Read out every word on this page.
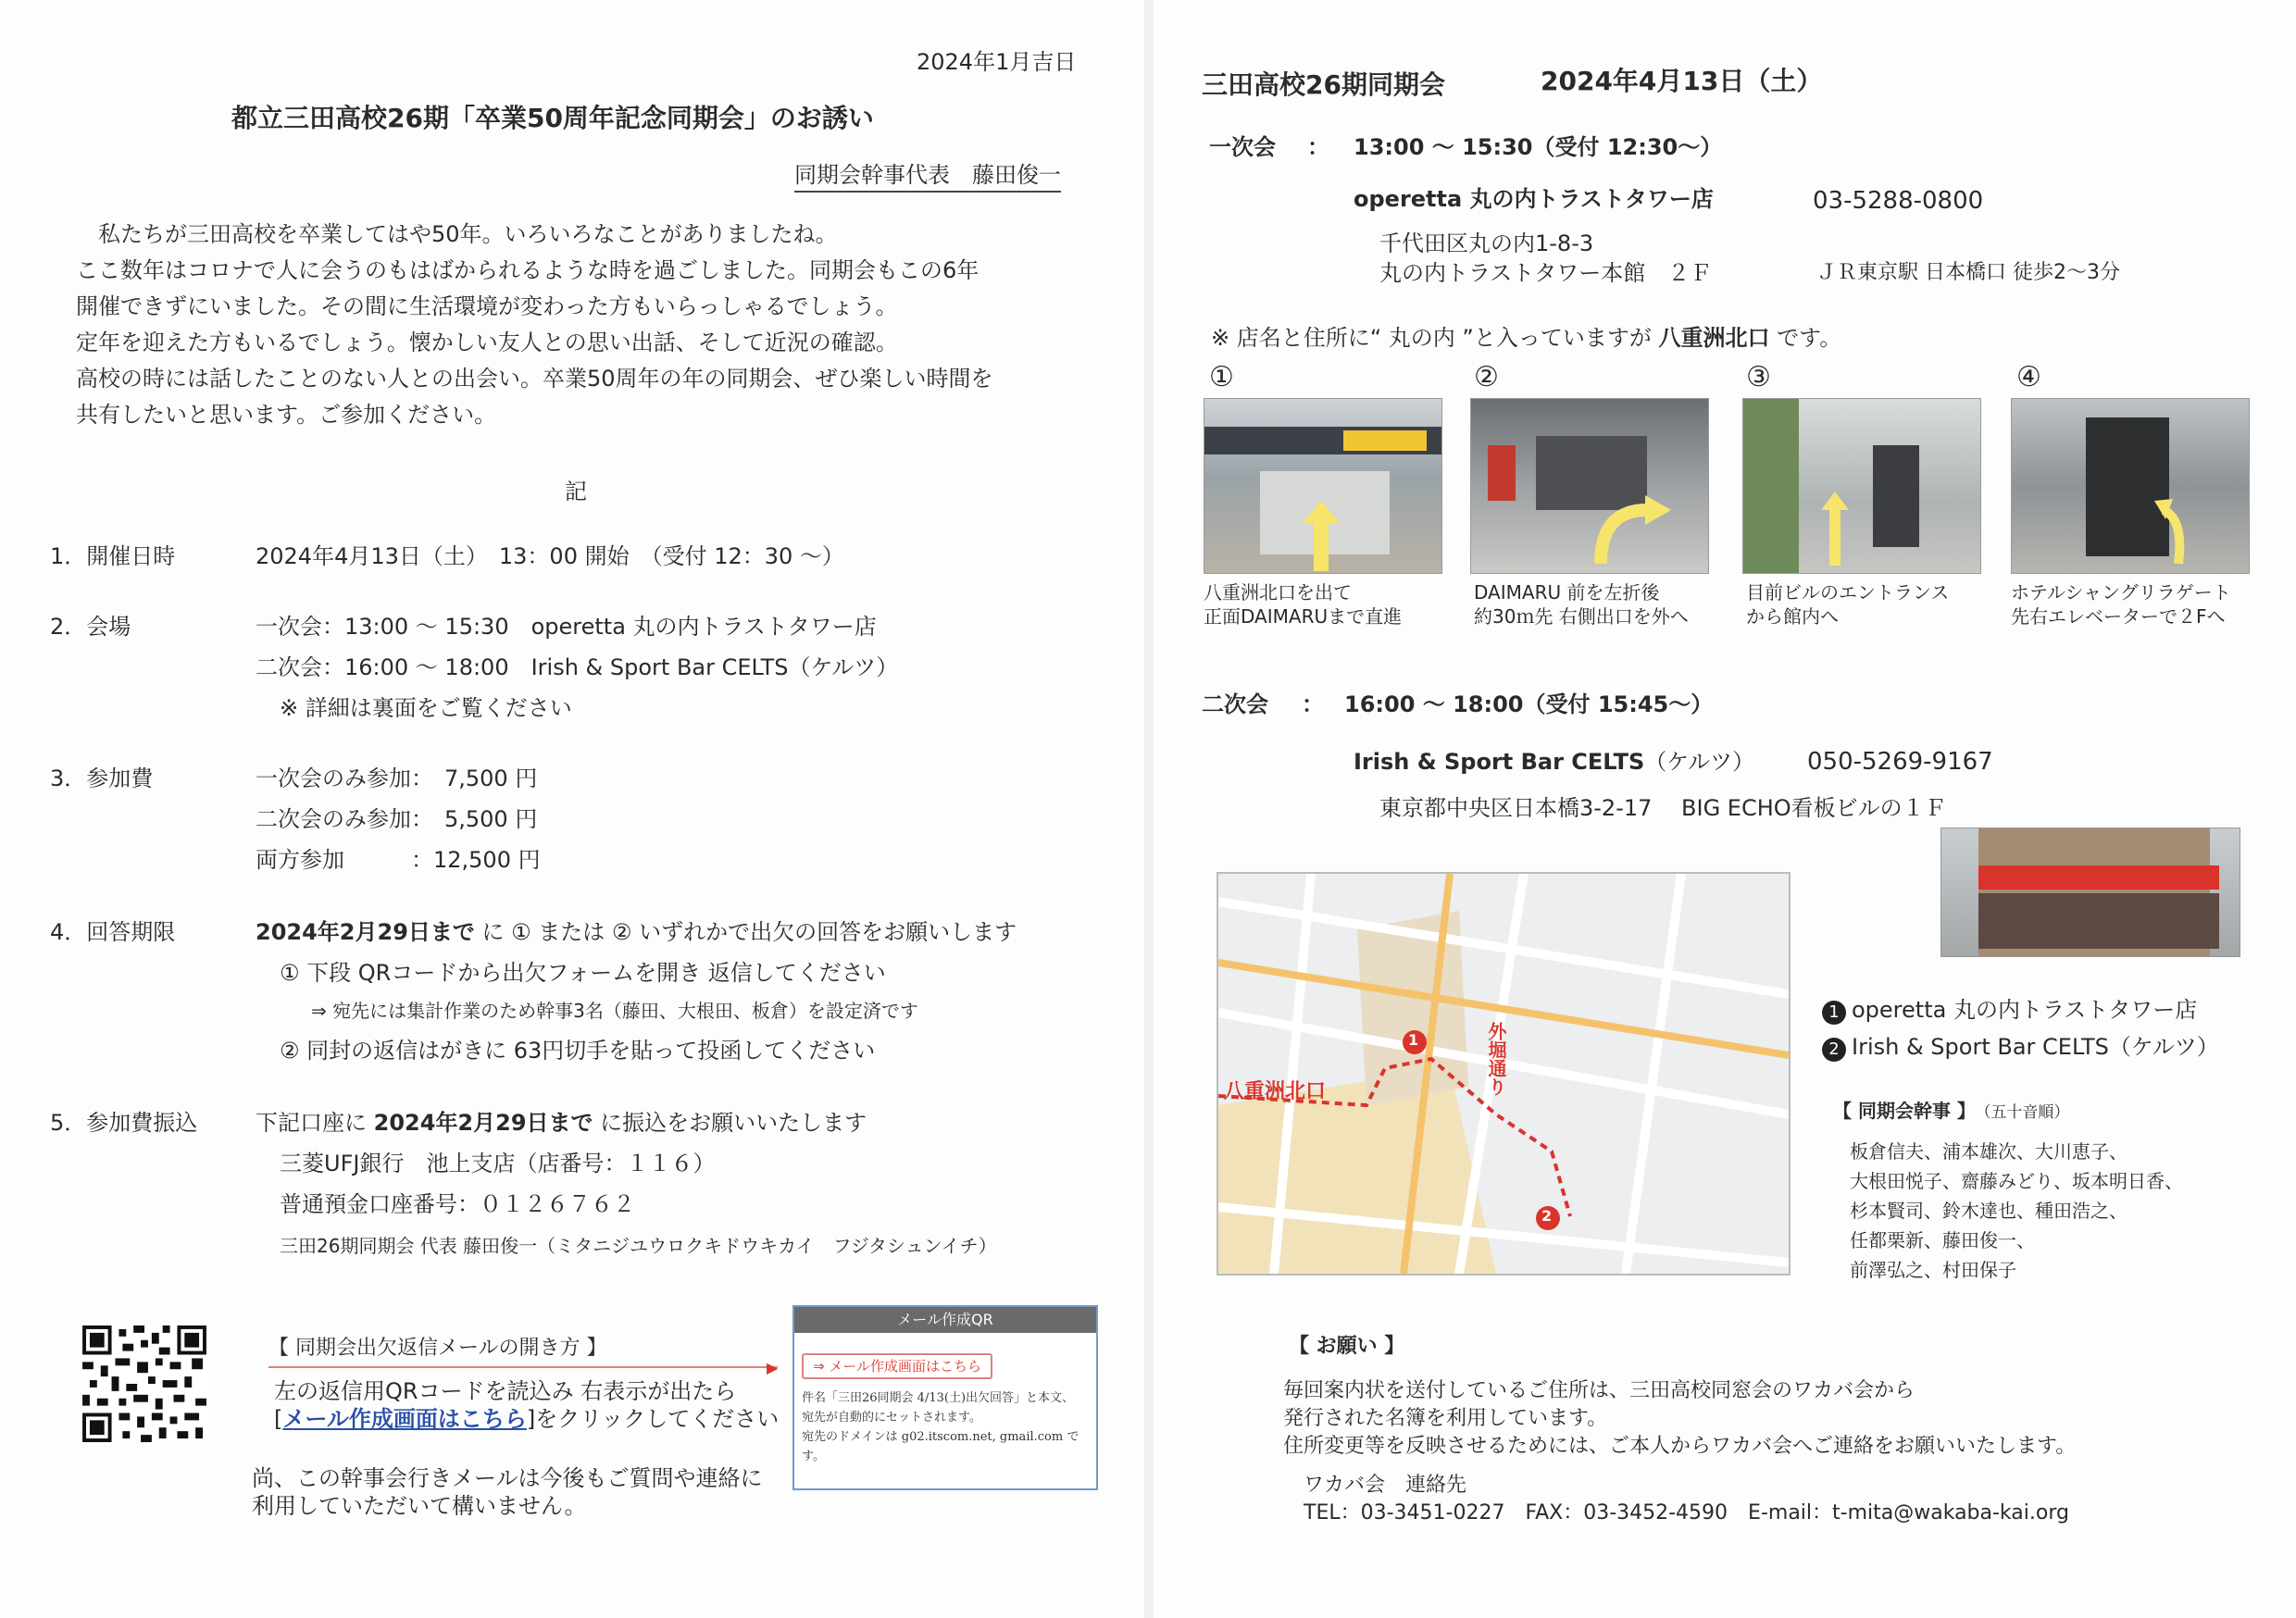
2024年1月吉日
都立三田高校26期「卒業50周年記念同期会」のお誘い
同期会幹事代表　藤田俊一
私たちが三田高校を卒業してはや50年。いろいろなことがありましたね。
ここ数年はコロナで人に会うのもはばかられるような時を過ごしました。同期会もこの6年
開催できずにいました。その間に生活環境が変わった方もいらっしゃるでしょう。
定年を迎えた方もいるでしょう。懐かしい友人との思い出話、そして近況の確認。
高校の時には話したことのない人との出会い。卒業50周年の年の同期会、ぜひ楽しい時間を
共有したいと思います。ご参加ください。
記
1．開催日時	2024年4月13日（土）　13：00 開始　（受付 12：30 ～）
2．会場	一次会：13:00 ～ 15:30　operetta 丸の内トラストタワー店
二次会：16:00 ～ 18:00　Irish & Sport Bar CELTS（ケルツ）
※ 詳細は裏面をご覧ください
3．参加費	一次会のみ参加：　7,500 円
二次会のみ参加：　5,500 円
両方参加　　　：12,500 円
4．回答期限	2024年2月29日まで に ① または ② いずれかで出欠の回答をお願いします
① 下段 QRコードから出欠フォームを開き 返信してください
⇒ 宛先には集計作業のため幹事3名（藤田、大根田、板倉）を設定済です
② 同封の返信はがきに 63円切手を貼って投函してください
5．参加費振込	下記口座に 2024年2月29日まで に振込をお願いいたします
三菱UFJ銀行　池上支店（店番号：１１６）
普通預金口座番号：０１２６７６２
三田26期同期会 代表 藤田俊一（ミタニジユウロクキドウキカイ　フジタシュンイチ）
【 同期会出欠返信メールの開き方 】
▶
左の返信用QRコードを読込み 右表示が出たら
[メール作成画面はこちら]をクリックしてください
尚、この幹事会行きメールは今後もご質問や連絡に
利用していただいて構いません。
メール作成QR
⇒ メール作成画面はこちら
件名「三田26同期会 4/13(土)出欠回答」と本文、
宛先が自動的にセットされます。
宛先のドメインは g02.itscom.net, gmail.com で
す。
三田高校26期同期会	2024年4月13日（土）
一次会 ： 13:00 ～ 15:30（受付 12:30～）
operetta 丸の内トラストタワー店	03-5288-0800
千代田区丸の内1-8-3
丸の内トラストタワー本館　２Ｆ	ＪＲ東京駅 日本橋口 徒歩2～3分
※ 店名と住所に“ 丸の内 ”と入っていますが 八重洲北口 です。
①
八重洲北口を出て
正面DAIMARUまで直進
②
DAIMARU 前を左折後
約30ｍ先 右側出口を外へ
③
目前ビルのエントランス
から館内へ
④
ホテルシャングリラゲート
先右エレベーターで２Fへ
二次会 ： 16:00 ～ 18:00（受付 15:45～）
Irish & Sport Bar CELTS（ケルツ） 050-5269-9167
東京都中央区日本橋3-2-17　 BIG ECHO看板ビルの１Ｆ
八重洲北口	外堀通り
1
2
1 operetta 丸の内トラストタワー店
2 Irish & Sport Bar CELTS（ケルツ）
【 同期会幹事 】 （五十音順）
板倉信夫、浦本雄次、大川恵子、
大根田悦子、齋藤みどり、坂本明日香、
杉本賢司、鈴木達也、種田浩之、
任都栗新、藤田俊一、
前澤弘之、村田保子
【 お願い 】
毎回案内状を送付しているご住所は、三田高校同窓会のワカバ会から
発行された名簿を利用しています。
住所変更等を反映させるためには、ご本人からワカバ会へご連絡をお願いいたします。
ワカバ会　連絡先
TEL：03-3451-0227　FAX：03-3452-4590　E-mail：t-mita@wakaba-kai.org
